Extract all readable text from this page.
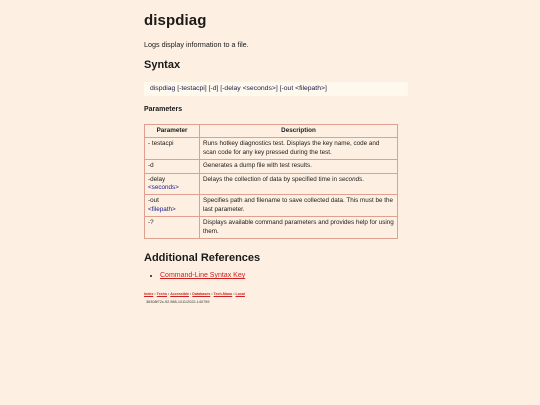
dispdiag
Logs display information to a file.
Syntax
dispdiag [-testacpi] [-d] [-delay <seconds>] [-out <filepath>]
Parameters
Parameter	Description
- testacpi	Runs hotkey diagnostics test. Displays the key name, code and scan code for any key pressed during the test.
-d	Generates a dump file with test results.
-delay
<seconds>	Delays the collection of data by specified time in seconds.
-out
<filepath>	Specifies path and filename to save collected data. This must be the last parameter.
-?	Displays available command parameters and provides help for using them.
Additional References
• Command-Line Syntax Key
Index • Techn • Accessible • Databases • Tech-Manu • Local
36308f72c-92.988-1011/2022-140759
